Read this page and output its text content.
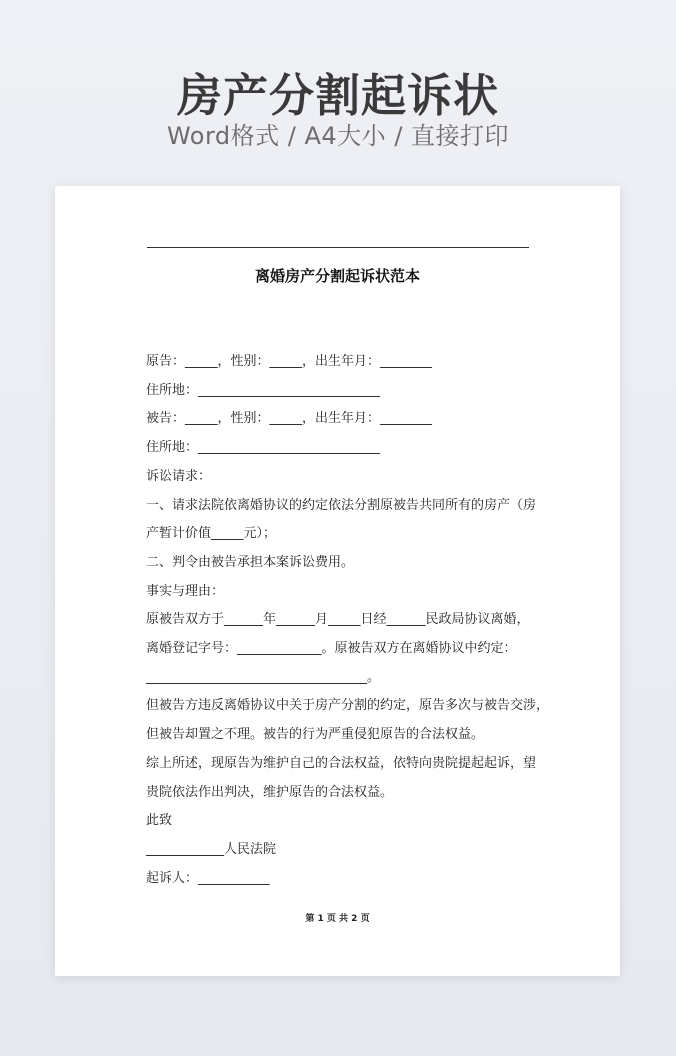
房产分割起诉状
Word格式 / A4大小 / 直接打印
离婚房产分割起诉状范本
原告：_____，性别：_____，出生年月：________
住所地：____________________________
被告：_____，性别：_____，出生年月：________
住所地：____________________________
诉讼请求：
一、请求法院依离婚协议的约定依法分割原被告共同所有的房产（房
产暂计价值_____元）；
二、判令由被告承担本案诉讼费用。
事实与理由：
原被告双方于______年______月_____日经______民政局协议离婚，
离婚登记字号：_____________。原被告双方在离婚协议中约定：
__________________________________。
但被告方违反离婚协议中关于房产分割的约定，原告多次与被告交涉，
但被告却置之不理。被告的行为严重侵犯原告的合法权益。
综上所述，现原告为维护自己的合法权益，依特向贵院提起起诉，望
贵院依法作出判决，维护原告的合法权益。
此致
____________人民法院
起诉人：___________
第 1 页 共 2 页
